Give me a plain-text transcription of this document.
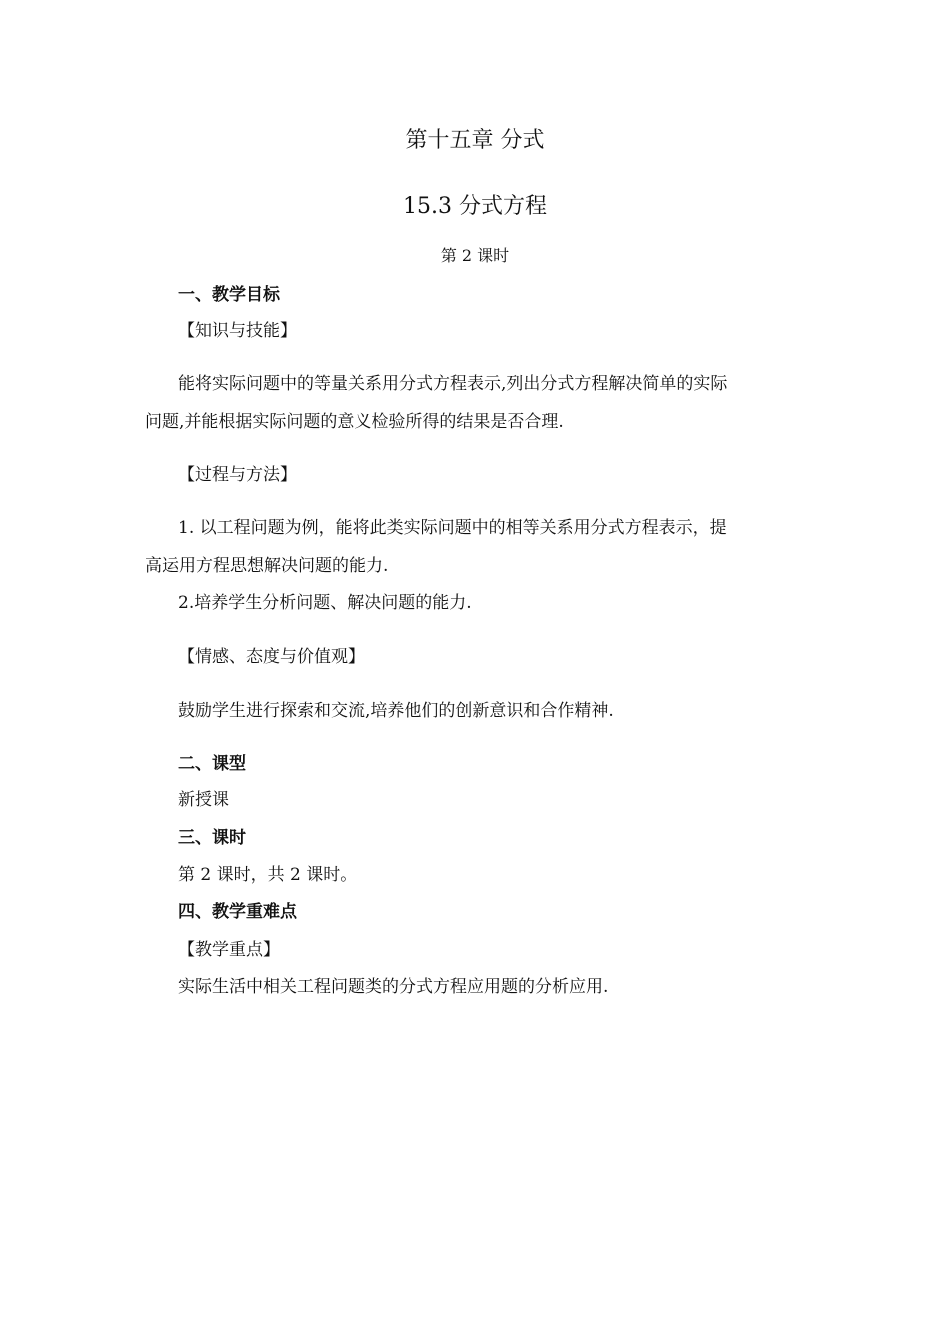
第十五章 分式
15.3 分式方程
第 2 课时
一、教学目标
【知识与技能】
能将实际问题中的等量关系用分式方程表示,列出分式方程解决简单的实际
问题,并能根据实际问题的意义检验所得的结果是否合理.
【过程与方法】
1. 以工程问题为例，能将此类实际问题中的相等关系用分式方程表示，提
高运用方程思想解决问题的能力.
2.培养学生分析问题、解决问题的能力.
【情感、态度与价值观】
鼓励学生进行探索和交流,培养他们的创新意识和合作精神.
二、课型
新授课
三、课时
第 2 课时，共 2 课时。
四、教学重难点
【教学重点】
实际生活中相关工程问题类的分式方程应用题的分析应用.
